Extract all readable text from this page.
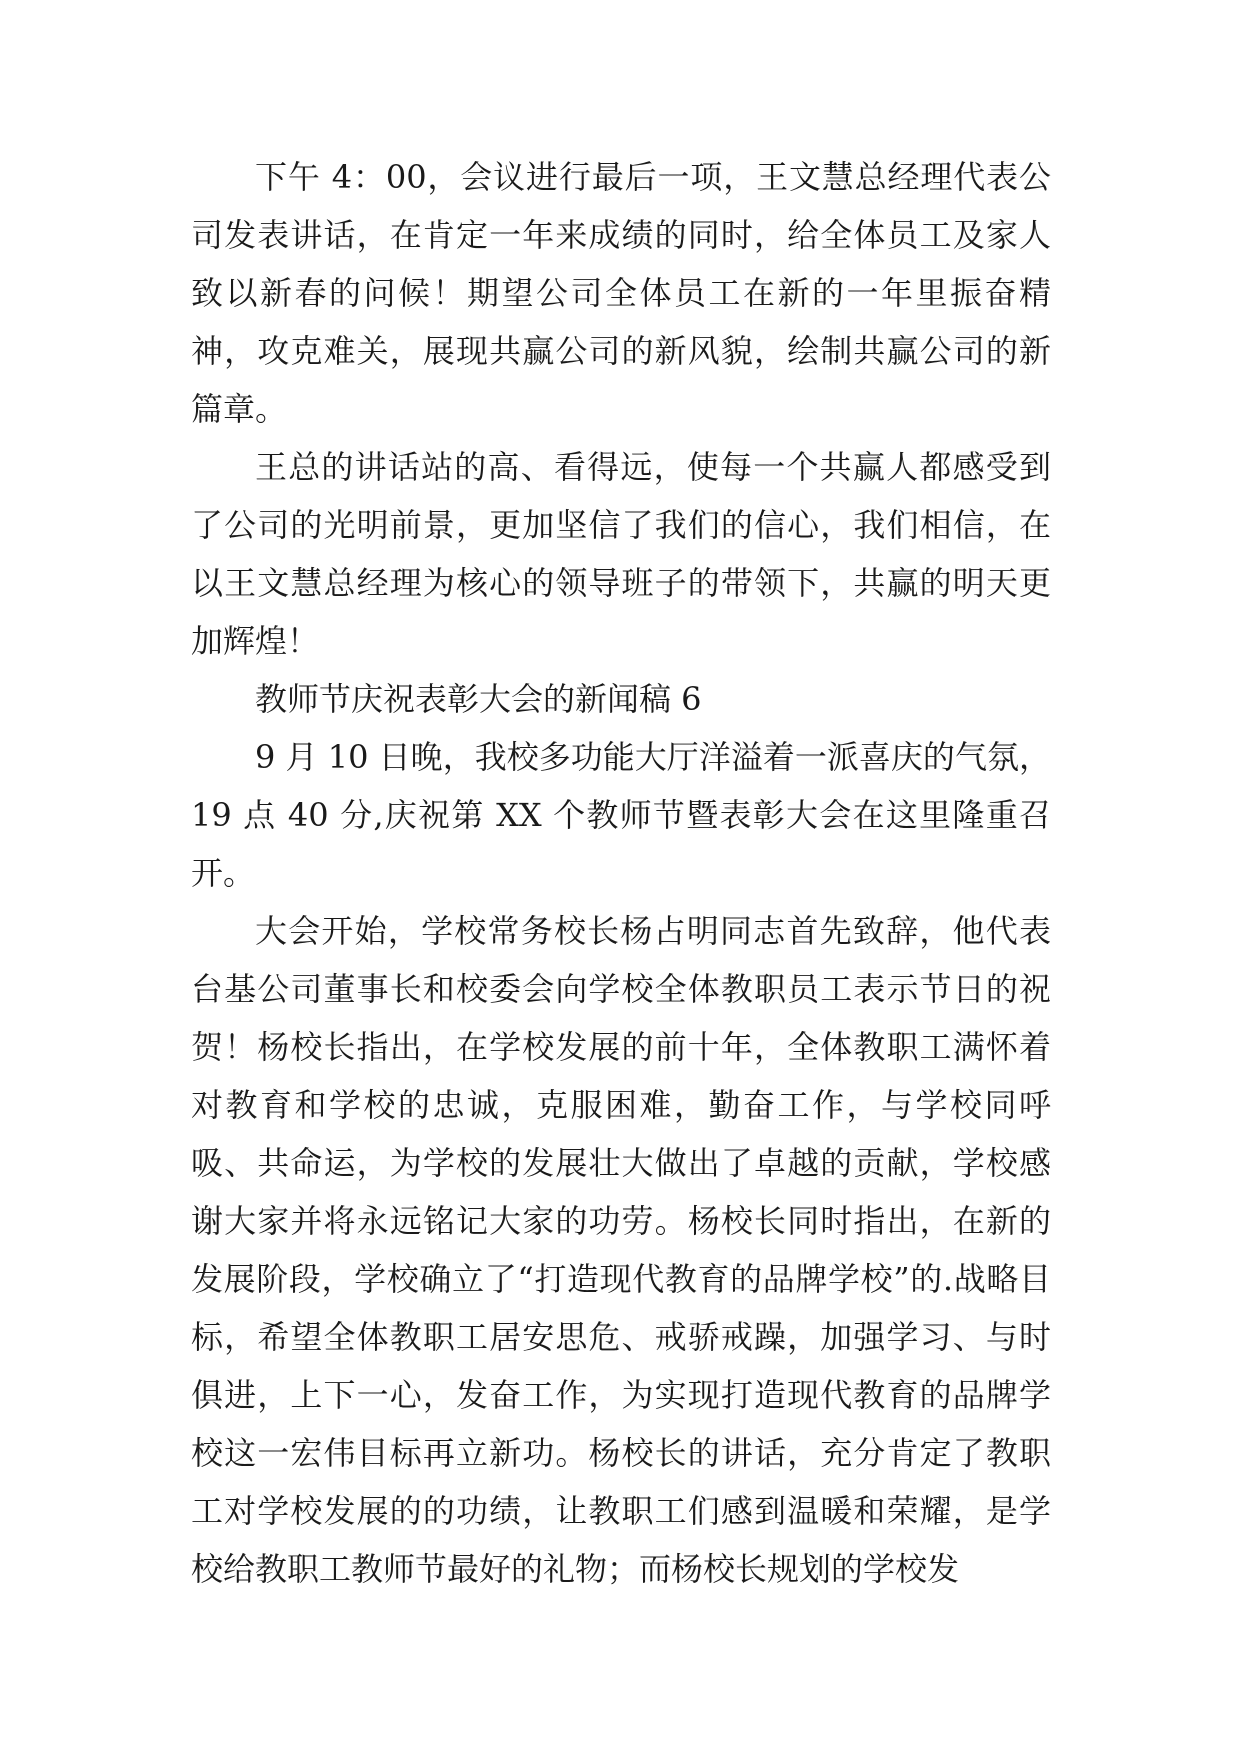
下午 4：00，会议进行最后一项，王文慧总经理代表公司发表讲话，在肯定一年来成绩的同时，给全体员工及家人致以新春的问候！期望公司全体员工在新的一年里振奋精神，攻克难关，展现共赢公司的新风貌，绘制共赢公司的新篇章。

王总的讲话站的高、看得远，使每一个共赢人都感受到了公司的光明前景，更加坚信了我们的信心，我们相信，在以王文慧总经理为核心的领导班子的带领下，共赢的明天更加辉煌！

教师节庆祝表彰大会的新闻稿 6

9 月 10 日晚，我校多功能大厅洋溢着一派喜庆的气氛，19 点 40 分,庆祝第 XX 个教师节暨表彰大会在这里隆重召开。

大会开始，学校常务校长杨占明同志首先致辞，他代表台基公司董事长和校委会向学校全体教职员工表示节日的祝贺！杨校长指出，在学校发展的前十年，全体教职工满怀着对教育和学校的忠诚，克服困难，勤奋工作，与学校同呼吸、共命运，为学校的发展壮大做出了卓越的贡献，学校感谢大家并将永远铭记大家的功劳。杨校长同时指出，在新的发展阶段，学校确立了“打造现代教育的品牌学校”的.战略目标，希望全体教职工居安思危、戒骄戒躁，加强学习、与时俱进，上下一心，发奋工作，为实现打造现代教育的品牌学校这一宏伟目标再立新功。杨校长的讲话，充分肯定了教职工对学校发展的的功绩，让教职工们感到温暖和荣耀，是学校给教职工教师节最好的礼物；而杨校长规划的学校发
